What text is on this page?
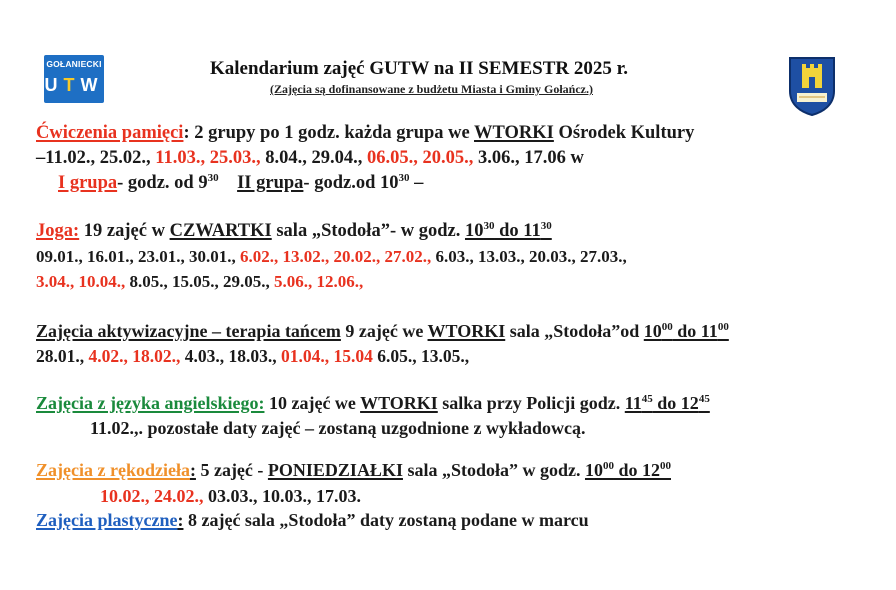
GOŁANIECKI
UTW
Kalendarium zajęć GUTW na II SEMESTR 2025 r.
(Zajęcia są dofinansowane z budżetu Miasta i Gminy Gołańcz.)
Ćwiczenia pamięci: 2 grupy po 1 godz. każda grupa we WTORKI Ośrodek Kultury
–11.02., 25.02., 11.03., 25.03., 8.04., 29.04., 06.05., 20.05., 3.06., 17.06 w
I grupa- godz. od $9^{30}$ II grupa- godz.od $10^{30}$ –
Joga: 19 zajęć w CZWARTKI sala „Stodoła”- w godz. $10^{30}$ do $11^{30}$
09.01., 16.01., 23.01., 30.01., 6.02., 13.02., 20.02., 27.02., 6.03., 13.03., 20.03., 27.03.,
3.04., 10.04., 8.05., 15.05., 29.05., 5.06., 12.06.,
Zajęcia aktywizacyjne – terapia tańcem 9 zajęć we WTORKI sala „Stodoła”od $10^{00}$ do $11^{00}$
28.01., 4.02., 18.02., 4.03., 18.03., 01.04., 15.04 6.05., 13.05.,
Zajęcia z języka angielskiego: 10 zajęć we WTORKI salka przy Policji godz. $11^{45}$ do $12^{45}$
11.02.,. pozostałe daty zajęć – zostaną uzgodnione z wykładowcą.
Zajęcia z rękodzieła: 5 zajęć - PONIEDZIAŁKI sala „Stodoła” w godz. $10^{00}$ do $12^{00}$
10.02., 24.02., 03.03., 10.03., 17.03.
Zajęcia plastyczne: 8 zajęć sala „Stodoła” daty zostaną podane w marcu
